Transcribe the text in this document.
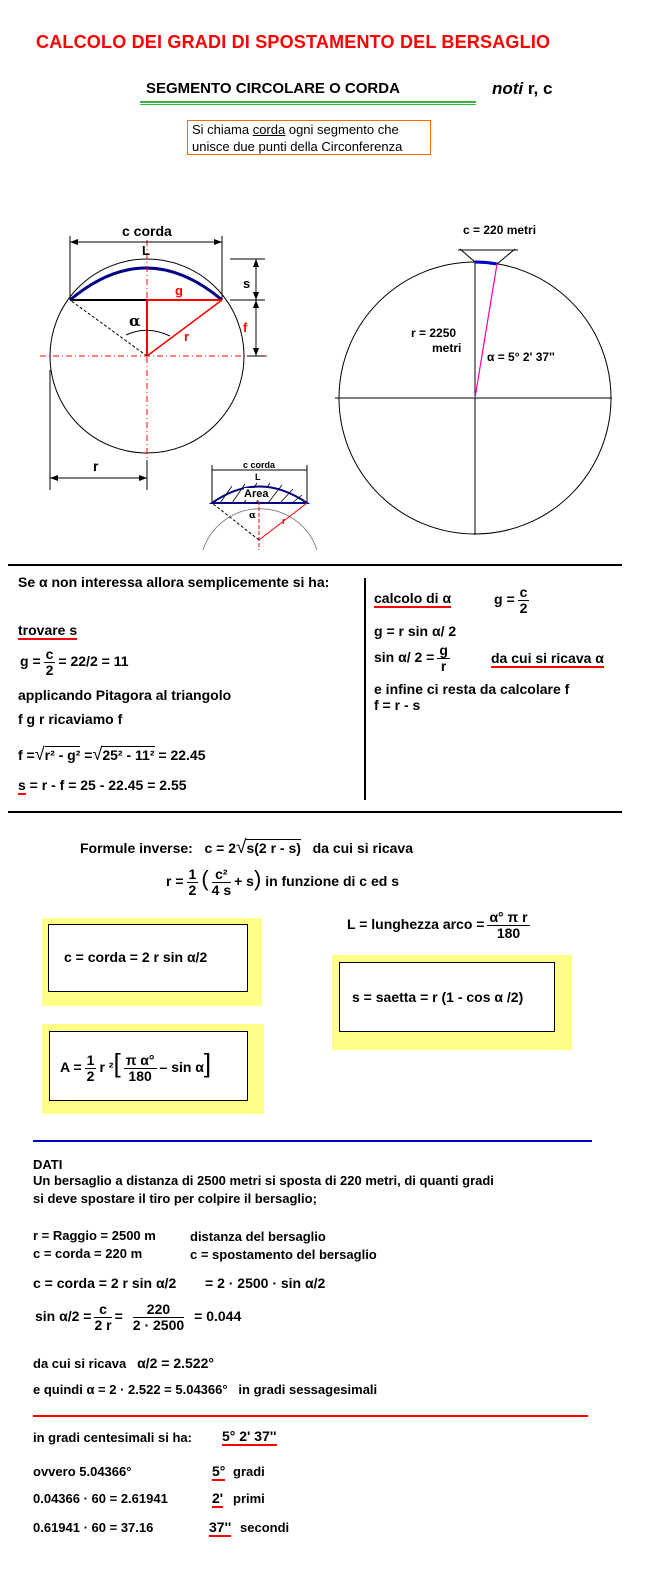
CALCOLO DEI GRADI DI SPOSTAMENTO DEL BERSAGLIO
SEGMENTO CIRCOLARE O CORDA	noti r, c
Si chiama corda ogni segmento che unisce due punti della Circonferenza
c corda
L
s
g
f
r
α
r	c corda
L
Area
α	r
c = 220 metri
r = 2250
metri
α = 5° 2' 37''
Se α non interessa allora semplicemente si ha:
trovare s
$g = \frac{c}{2} = 22/2 = 11$
applicando Pitagora al triangolo
f g r ricaviamo f
f =√r² - g² =√25² - 11² = 22.45
s = r - f = 25 - 22.45 = 2.55
calcolo di α	$g = \frac{c}{2}$
g = r sin α/ 2
sin α/ $2 = \frac{g}{r}$	da cui si ricava α
e infine ci resta da calcolare f
f = r - s
Formule inverse: c = 2√s(2 r - s) da cui si ricava
$r = \frac{1}{2}$ ( $\frac{\text{c²}}{4 s} + s$) in funzione di c ed s
L = lunghezza arco = $\frac{\text{α° π r}}{180}$
c = corda = 2 r sin α/2
s = saetta = r (1 - cos α /2)
$A = \frac{1}{2}$ r $^2[ \frac{\text{π α°}}{180}$ – sin α]
DATI
Un bersaglio a distanza di 2500 metri si sposta di 220 metri, di quanti gradi
si deve spostare il tiro per colpire il bersaglio;
r = Raggio = 2500 m	distanza del bersaglio
c = corda = 220 m	c = spostamento del bersaglio
c = corda = 2 r sin α/2 = 2 · 2500 · sin α/2
$\sin \alpha/2 = \frac{c}{2 r} = \frac{220}{2 \cdot 2500} = 0.044$
da cui si ricava α/2 = 2.522°
e quindi α = 2 · 2.522 = 5.04366° in gradi sessagesimali
in gradi centesimali si ha: 5° 2' 37''
ovvero 5.04366°	5° gradi
0.04366 · 60 = 2.61941	2' primi
0.61941 · 60 = 37.16	37'' secondi
